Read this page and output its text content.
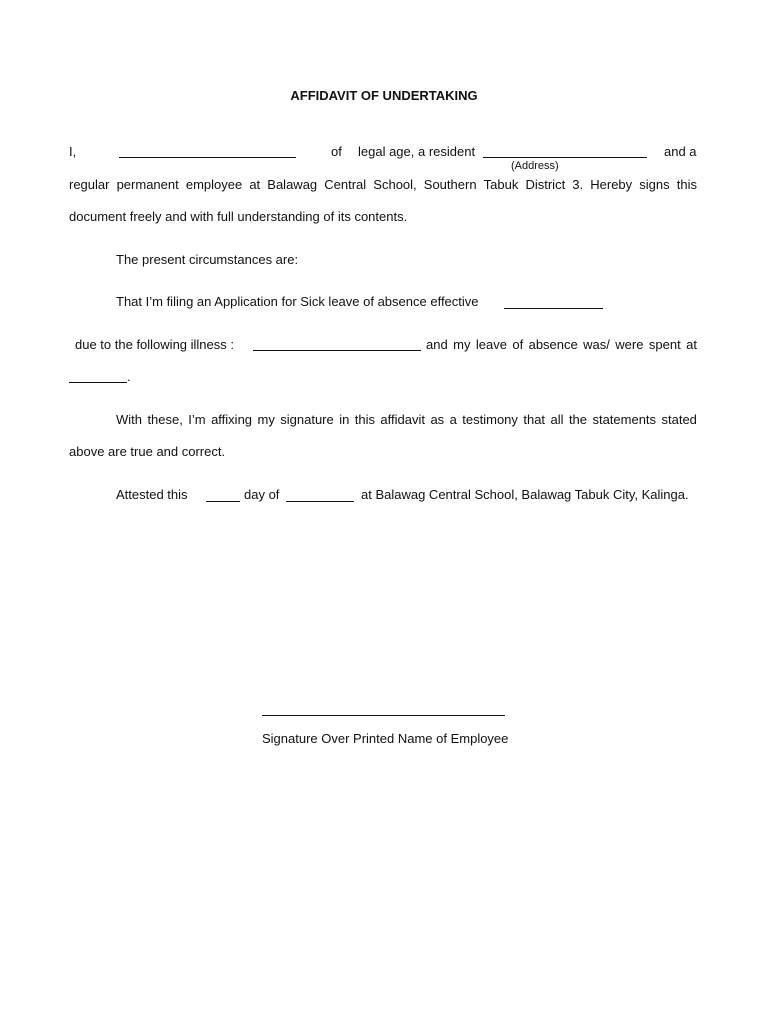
AFFIDAVIT OF UNDERTAKING
I,	of legal age, a resident	and a
(Address)
regular permanent employee at Balawag Central School, Southern Tabuk District 3. Hereby signs this
document freely and with full understanding of its contents.
The present circumstances are:
That I’m filing an Application for Sick leave of absence effective
due to the following illness :	and my leave of absence was/ were spent at
.
With these, I’m affixing my signature in this affidavit as a testimony that all the statements stated
above are true and correct.
Attested this	day of	at Balawag Central School, Balawag Tabuk City, Kalinga.
Signature Over Printed Name of Employee
